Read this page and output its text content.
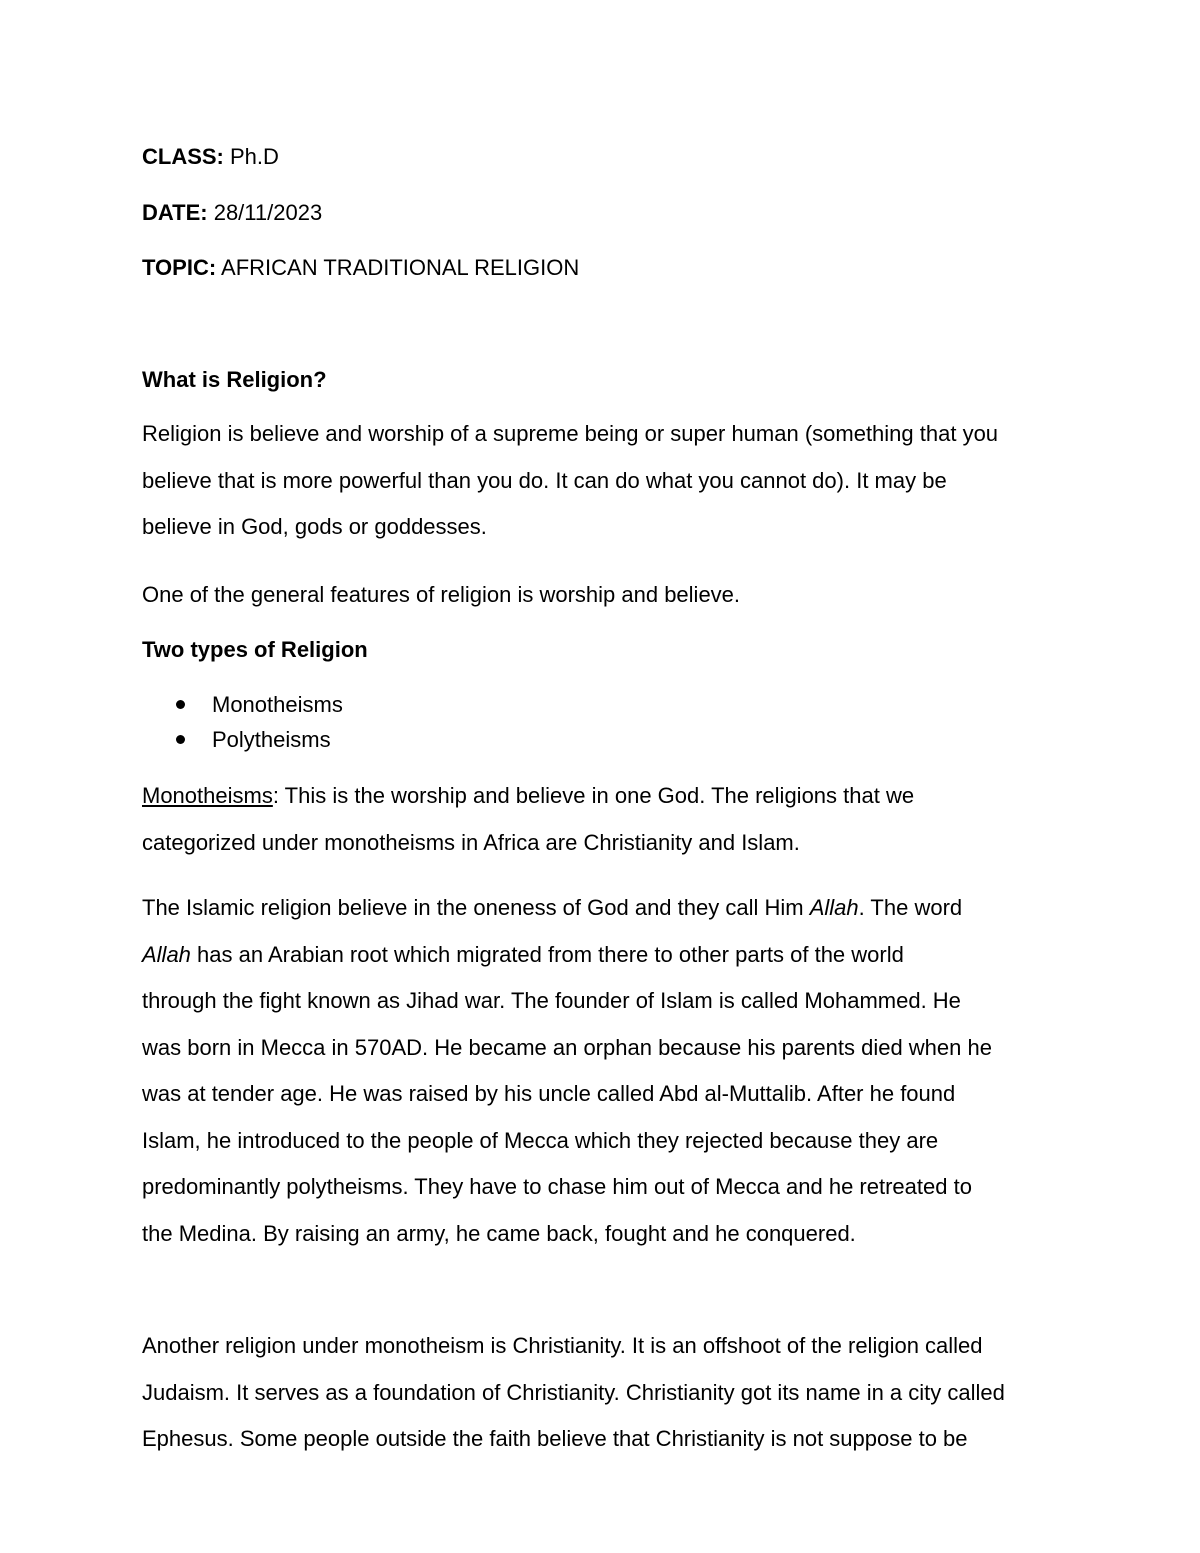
CLASS: Ph.D
DATE: 28/11/2023
TOPIC: AFRICAN TRADITIONAL RELIGION
What is Religion?
Religion is believe and worship of a supreme being or super human (something that you
believe that is more powerful than you do. It can do what you cannot do). It may be
believe in God, gods or goddesses.
One of the general features of religion is worship and believe.
Two types of Religion
Monotheisms
Polytheisms
Monotheisms: This is the worship and believe in one God. The religions that we
categorized under monotheisms in Africa are Christianity and Islam.
The Islamic religion believe in the oneness of God and they call Him Allah. The word
Allah has an Arabian root which migrated from there to other parts of the world
through the fight known as Jihad war. The founder of Islam is called Mohammed. He
was born in Mecca in 570AD. He became an orphan because his parents died when he
was at tender age. He was raised by his uncle called Abd al-Muttalib. After he found
Islam, he introduced to the people of Mecca which they rejected because they are
predominantly polytheisms. They have to chase him out of Mecca and he retreated to
the Medina. By raising an army, he came back, fought and he conquered.
Another religion under monotheism is Christianity. It is an offshoot of the religion called
Judaism. It serves as a foundation of Christianity. Christianity got its name in a city called
Ephesus. Some people outside the faith believe that Christianity is not suppose to be
